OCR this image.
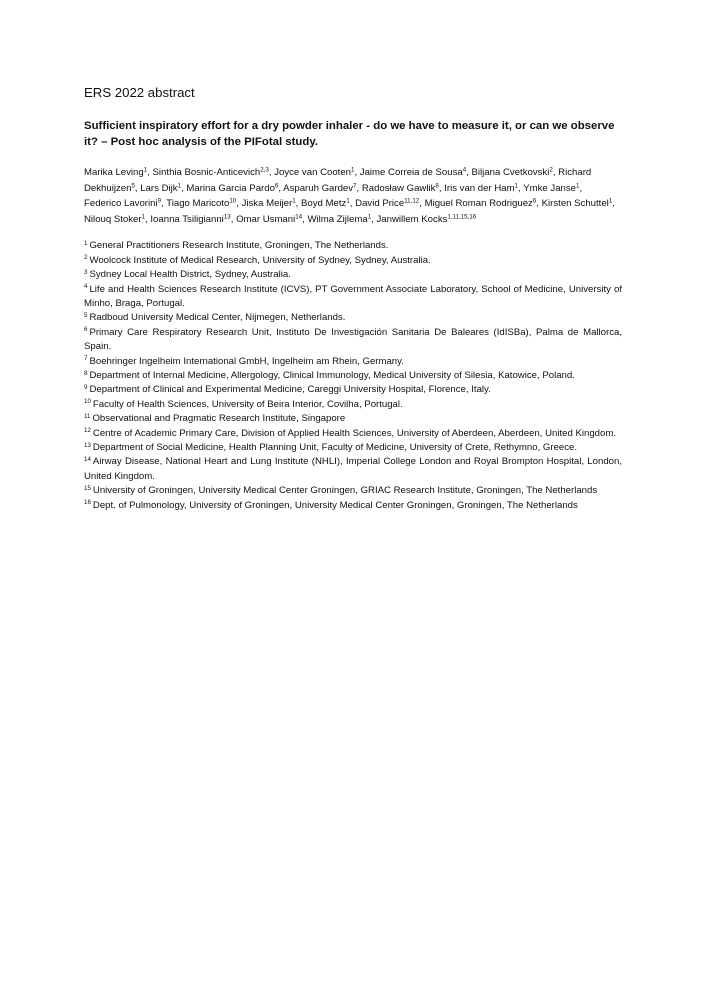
ERS 2022 abstract

Sufficient inspiratory effort for a dry powder inhaler - do we have to measure it, or can we observe it? – Post hoc analysis of the PIFotal study.

Marika Leving$^1$, Sinthia Bosnic-Anticevich$^{2,3}$, Joyce van Cooten$^1$, Jaime Correia de Sousa$^4$, Biljana Cvetkovski$^2$, Richard Dekhuijzen$^5$, Lars Dijk$^1$, Marina Garcia Pardo$^6$, Asparuh Gardev$^7$, Radosław Gawlik$^8$, Iris van der Ham$^1$, Ymke Janse$^1$, Federico Lavorini$^9$, Tiago Maricoto$^{10}$, Jiska Meijer$^1$, Boyd Metz$^1$, David Price$^{11,12}$, Miguel Roman Rodriguez$^6$, Kirsten Schuttel$^1$, Nilouq Stoker$^1$, Ioanna Tsiligianni$^{13}$, Omar Usmani$^{14}$, Wilma Zijlema$^1$, Janwillem Kocks$^{1,11,15,16}$

$^1$ General Practitioners Research Institute, Groningen, The Netherlands.
$^2$ Woolcock Institute of Medical Research, University of Sydney, Sydney, Australia.
$^3$ Sydney Local Health District, Sydney, Australia.
$^4$ Life and Health Sciences Research Institute (ICVS), PT Government Associate Laboratory, School of Medicine, University of Minho, Braga, Portugal.
$^5$ Radboud University Medical Center, Nijmegen, Netherlands.
$^6$ Primary Care Respiratory Research Unit, Instituto De Investigación Sanitaria De Baleares (IdISBa), Palma de Mallorca, Spain.
$^7$ Boehringer Ingelheim International GmbH, Ingelheim am Rhein, Germany.
$^8$ Department of Internal Medicine, Allergology, Clinical Immunology, Medical University of Silesia, Katowice, Poland.
$^9$ Department of Clinical and Experimental Medicine, Careggi University Hospital, Florence, Italy.
$^{10}$ Faculty of Health Sciences, University of Beira Interior, Covilha, Portugal.
$^{11}$ Observational and Pragmatic Research Institute, Singapore
$^{12}$ Centre of Academic Primary Care, Division of Applied Health Sciences, University of Aberdeen, Aberdeen, United Kingdom.
$^{13}$ Department of Social Medicine, Health Planning Unit, Faculty of Medicine, University of Crete, Rethymno, Greece.
$^{14}$ Airway Disease, National Heart and Lung Institute (NHLI), Imperial College London and Royal Brompton Hospital, London, United Kingdom.
$^{15}$ University of Groningen, University Medical Center Groningen, GRIAC Research Institute, Groningen, The Netherlands
$^{16}$ Dept. of Pulmonology, University of Groningen, University Medical Center Groningen, Groningen, The Netherlands
